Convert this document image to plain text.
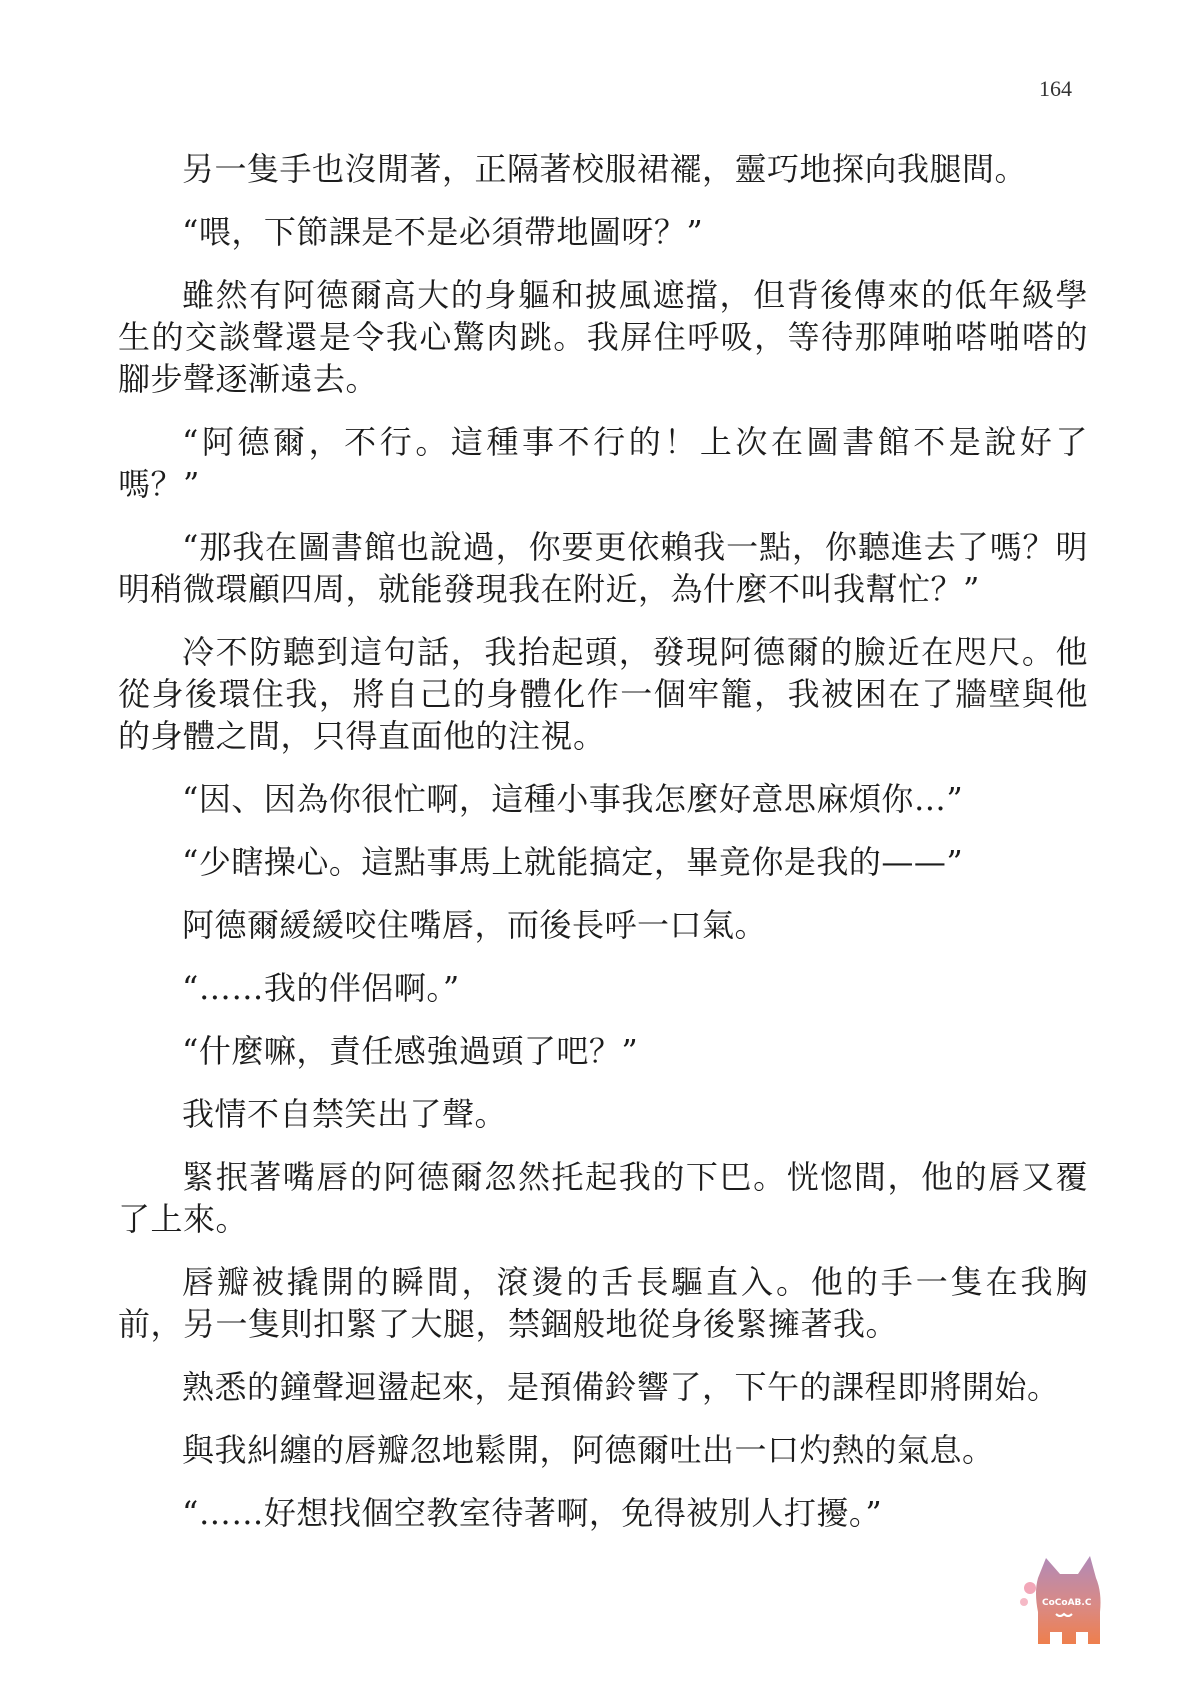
164

另一隻手也沒閒著，正隔著校服裙襬，靈巧地探向我腿間。

“喂，下節課是不是必須帶地圖呀？”

雖然有阿德爾高大的身軀和披風遮擋，但背後傳來的低年級學生的交談聲還是令我心驚肉跳。我屏住呼吸，等待那陣啪嗒啪嗒的腳步聲逐漸遠去。

“阿德爾，不行。這種事不行的！上次在圖書館不是說好了嗎？”

“那我在圖書館也說過，你要更依賴我一點，你聽進去了嗎？明明稍微環顧四周，就能發現我在附近，為什麼不叫我幫忙？”

冷不防聽到這句話，我抬起頭，發現阿德爾的臉近在咫尺。他從身後環住我，將自己的身體化作一個牢籠，我被困在了牆壁與他的身體之間，只得直面他的注視。

“因、因為你很忙啊，這種小事我怎麼好意思麻煩你…”

“少瞎操心。這點事馬上就能搞定，畢竟你是我的——”

阿德爾緩緩咬住嘴唇，而後長呼一口氣。

“……我的伴侶啊。”

“什麼嘛，責任感強過頭了吧？”

我情不自禁笑出了聲。

緊抿著嘴唇的阿德爾忽然托起我的下巴。恍惚間，他的唇又覆了上來。

唇瓣被撬開的瞬間，滾燙的舌長驅直入。他的手一隻在我胸前，另一隻則扣緊了大腿，禁錮般地從身後緊擁著我。

熟悉的鐘聲迴盪起來，是預備鈴響了，下午的課程即將開始。

與我糾纏的唇瓣忽地鬆開，阿德爾吐出一口灼熱的氣息。

“……好想找個空教室待著啊，免得被別人打擾。”

CoCoAB.C
